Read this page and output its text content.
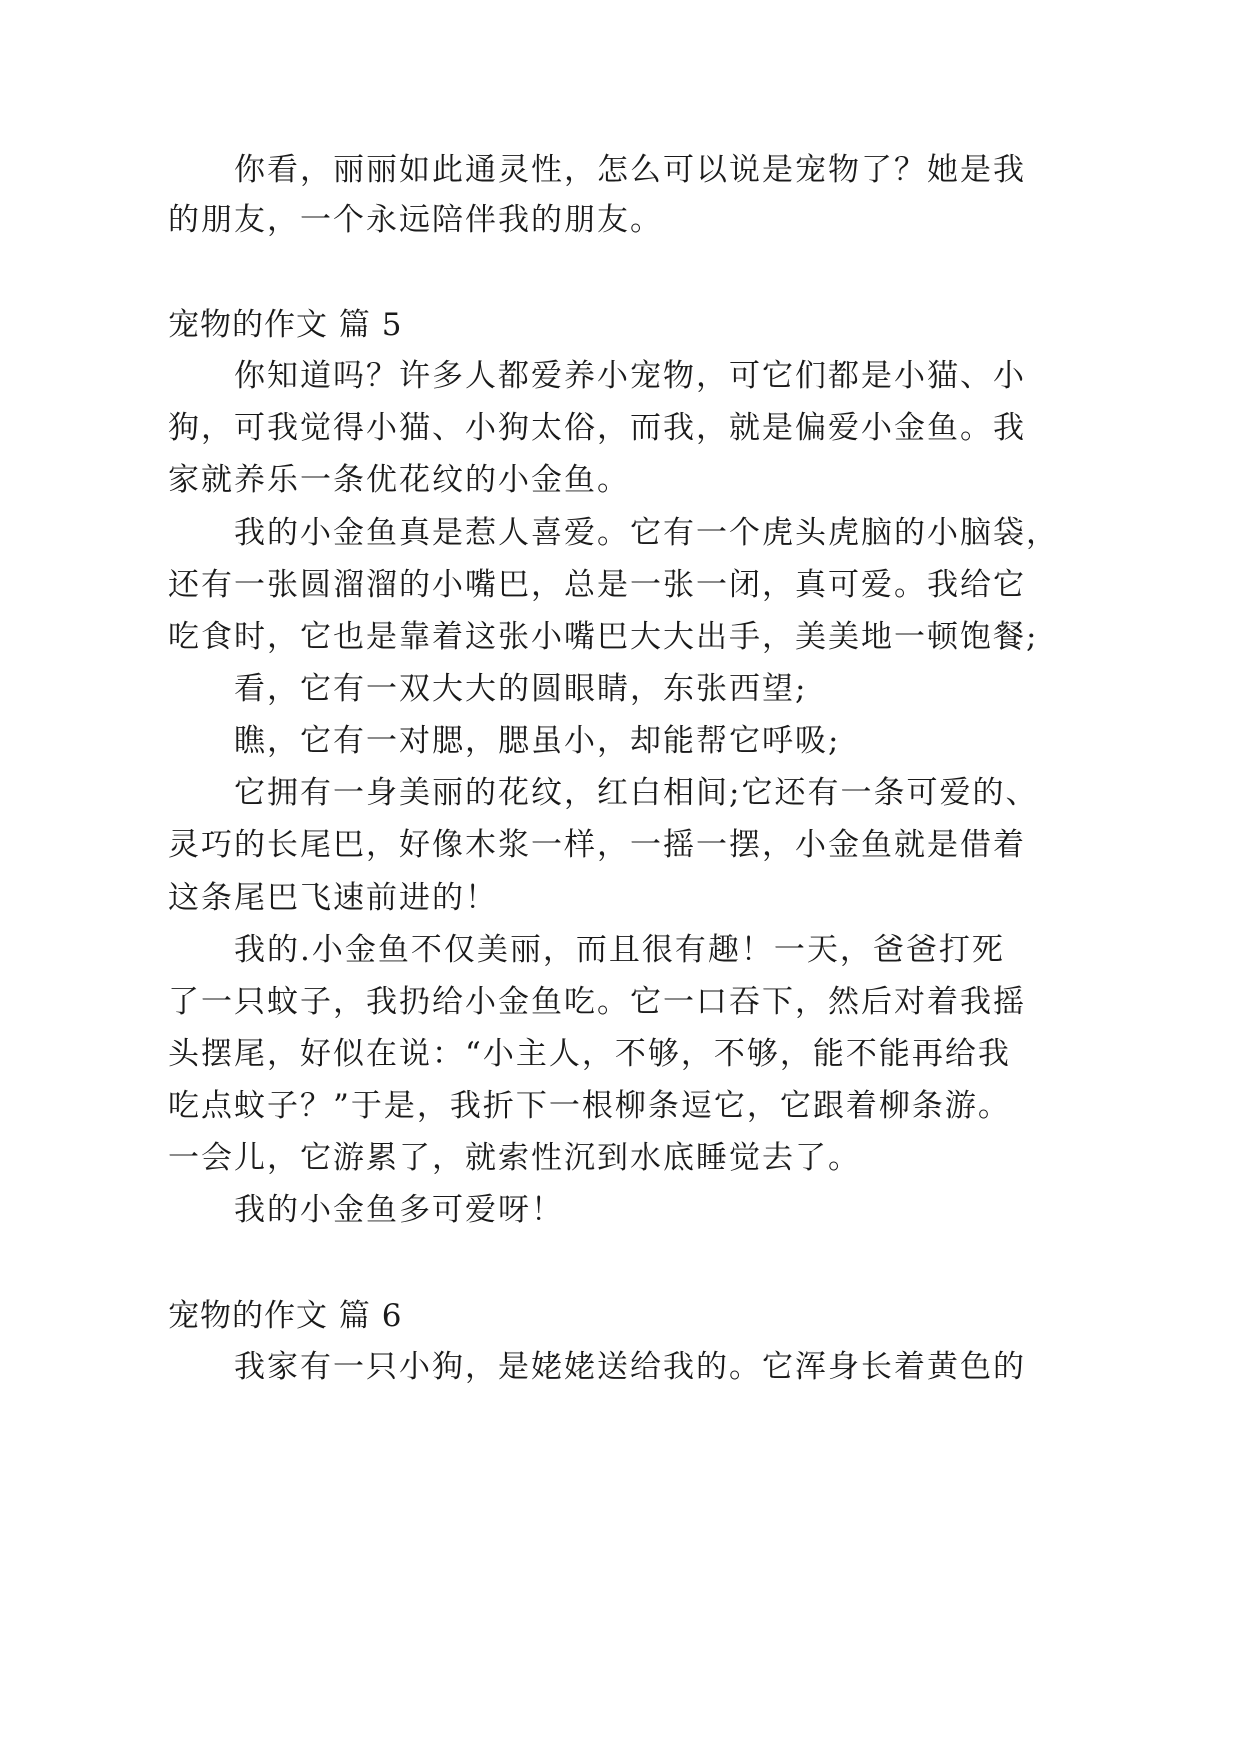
你看，丽丽如此通灵性，怎么可以说是宠物了？她是我
的朋友，一个永远陪伴我的朋友。
宠物的作文 篇 5
你知道吗？许多人都爱养小宠物，可它们都是小猫、小
狗，可我觉得小猫、小狗太俗，而我，就是偏爱小金鱼。我
家就养乐一条优花纹的小金鱼。
我的小金鱼真是惹人喜爱。它有一个虎头虎脑的小脑袋，
还有一张圆溜溜的小嘴巴，总是一张一闭，真可爱。我给它
吃食时，它也是靠着这张小嘴巴大大出手，美美地一顿饱餐;
看，它有一双大大的圆眼睛，东张西望;
瞧，它有一对腮，腮虽小，却能帮它呼吸;
它拥有一身美丽的花纹，红白相间;它还有一条可爱的、
灵巧的长尾巴，好像木浆一样，一摇一摆，小金鱼就是借着
这条尾巴飞速前进的！
我的.小金鱼不仅美丽，而且很有趣！一天，爸爸打死
了一只蚊子，我扔给小金鱼吃。它一口吞下，然后对着我摇
头摆尾，好似在说：“小主人，不够，不够，能不能再给我
吃点蚊子？”于是，我折下一根柳条逗它，它跟着柳条游。
一会儿，它游累了，就索性沉到水底睡觉去了。
我的小金鱼多可爱呀！
宠物的作文 篇 6
我家有一只小狗，是姥姥送给我的。它浑身长着黄色的
